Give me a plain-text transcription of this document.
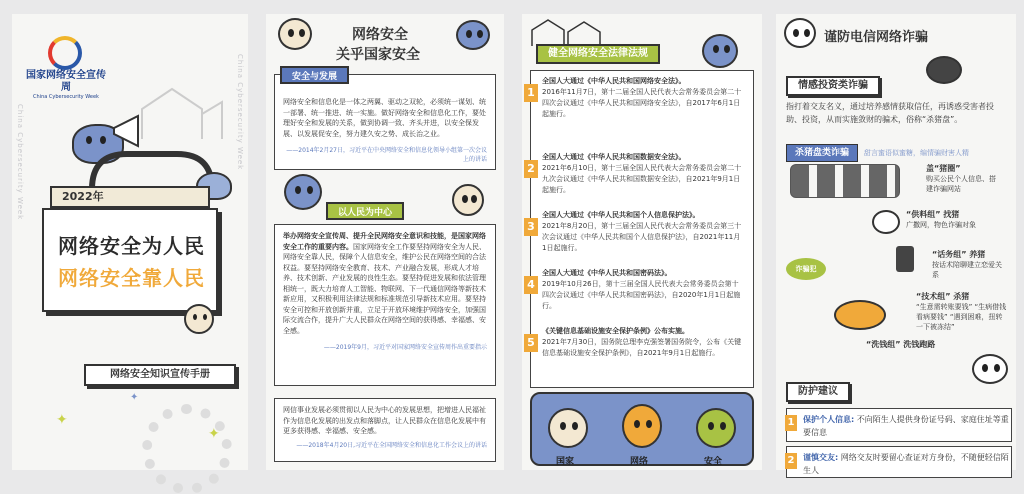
China Cybersecurity Week	China Cybersecurity Week
国家网络安全宣传周
China Cybersecurity Week
2022年
网络安全为人民
网络安全靠人民
网络安全知识宣传手册
✦
✦
✦
网络安全
关乎国家安全
网络安全和信息化是一体之两翼、驱动之双轮，必须统一谋划、统一部署、统一推进、统一实施。做好网络安全和信息化工作，要处理好安全和发展的关系，做到协调一致、齐头并进，以安全保发展、以发展促安全，努力建久安之势、成长治之业。
——2014年2月27日，习近平在中央网络安全和信息化领导小组第一次会议上的讲话
安全与发展
举办网络安全宣传周、提升全民网络安全意识和技能，是国家网络安全工作的重要内容。国家网络安全工作要坚持网络安全为人民、网络安全靠人民，保障个人信息安全，维护公民在网络空间的合法权益。要坚持网络安全教育、技术、产业融合发展，形成人才培养、技术创新、产业发展的良性生态。要坚持促进发展和依法管理相统一，既大力培育人工智能、物联网、下一代通信网络等新技术新应用，又积极利用法律法规和标准规范引导新技术应用。要坚持安全可控和开放创新并重，立足于开放环境维护网络安全，加强国际交流合作，提升广大人民群众在网络空间的获得感、幸福感、安全感。
——2019年9月，习近平对国家网络安全宣传周作出重要指示
以人民为中心
网信事业发展必须贯彻以人民为中心的发展思想，把增进人民福祉作为信息化发展的出发点和落脚点，让人民群众在信息化发展中有更多获得感、幸福感、安全感。
——2018年4月20日,习近平在全国网络安全和信息化工作会议上的讲话
健全网络安全法律法规
1
全国人大通过《中华人民共和国网络安全法》。
2016年11月7日，第十二届全国人民代表大会常务委员会第二十四次会议通过《中华人民共和国网络安全法》，自2017年6月1日起施行。
2
全国人大通过《中华人民共和国数据安全法》。
2021年6月10日，第十三届全国人民代表大会常务委员会第二十九次会议通过《中华人民共和国数据安全法》，自2021年9月1日起施行。
3
全国人大通过《中华人民共和国个人信息保护法》。
2021年8月20日，第十三届全国人民代表大会常务委员会第三十次会议通过《中华人民共和国个人信息保护法》，自2021年11月1日起施行。
4
全国人大通过《中华人民共和国密码法》。
2019年10月26日，第十三届全国人民代表大会常务委员会第十四次会议通过《中华人民共和国密码法》，自2020年1月1日起施行。
5
《关键信息基础设施安全保护条例》公布实施。
2021年7月30日，国务院总理李克强签署国务院令，公布《关键信息基础设施安全保护条例》，自2021年9月1日起施行。
国家	网络	安全
谨防电信网络诈骗
情感投资类诈骗
指打着交友名义，通过培养感情获取信任，再诱惑受害者投助、投资，从而实施敛财的骗术，俗称“杀猪盘”。
杀猪盘类诈骗 甜言蜜语似蜜糖，编情骗财害人精
盖“猪圈”
购买公民个人信息、搭建诈骗网站
“供料组” 找猪
广撒网，物色诈骗对象
诈骗犯
“话务组” 养猪
按话术陪聊建立恋爱关系
“技术组” 杀猪
“生意需转账要钱” “生病借钱看病要钱” “遇到困难，扭转一下被冻结”
“洗钱组” 洗钱跑路
防护建议
1	保护个人信息: 不向陌生人提供身份证号码、家庭住址等重要信息
2	谨慎交友: 网络交友时要留心查证对方身份，不随便轻信陌生人
